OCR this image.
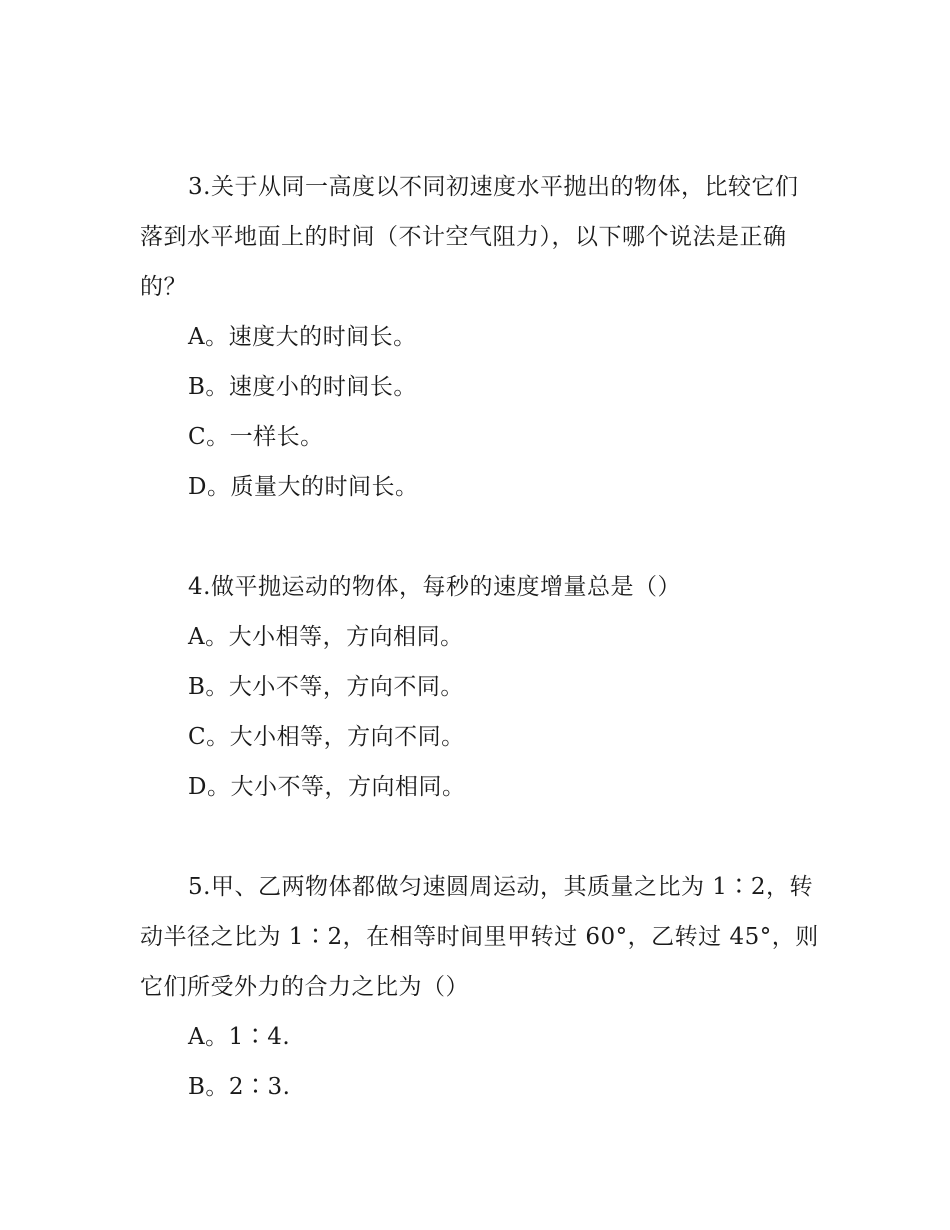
3.关于从同一高度以不同初速度水平抛出的物体，比较它们落到水平地面上的时间（不计空气阻力），以下哪个说法是正确的？

A。速度大的时间长。

B。速度小的时间长。

C。一样长。

D。质量大的时间长。

4.做平抛运动的物体，每秒的速度增量总是（）

A。大小相等，方向相同。

B。大小不等，方向不同。

C。大小相等，方向不同。

D。大小不等，方向相同。

5.甲、乙两物体都做匀速圆周运动，其质量之比为 1∶2，转动半径之比为 1∶2，在相等时间里甲转过 60°，乙转过 45°，则它们所受外力的合力之比为（）

A。1∶4.

B。2∶3.
